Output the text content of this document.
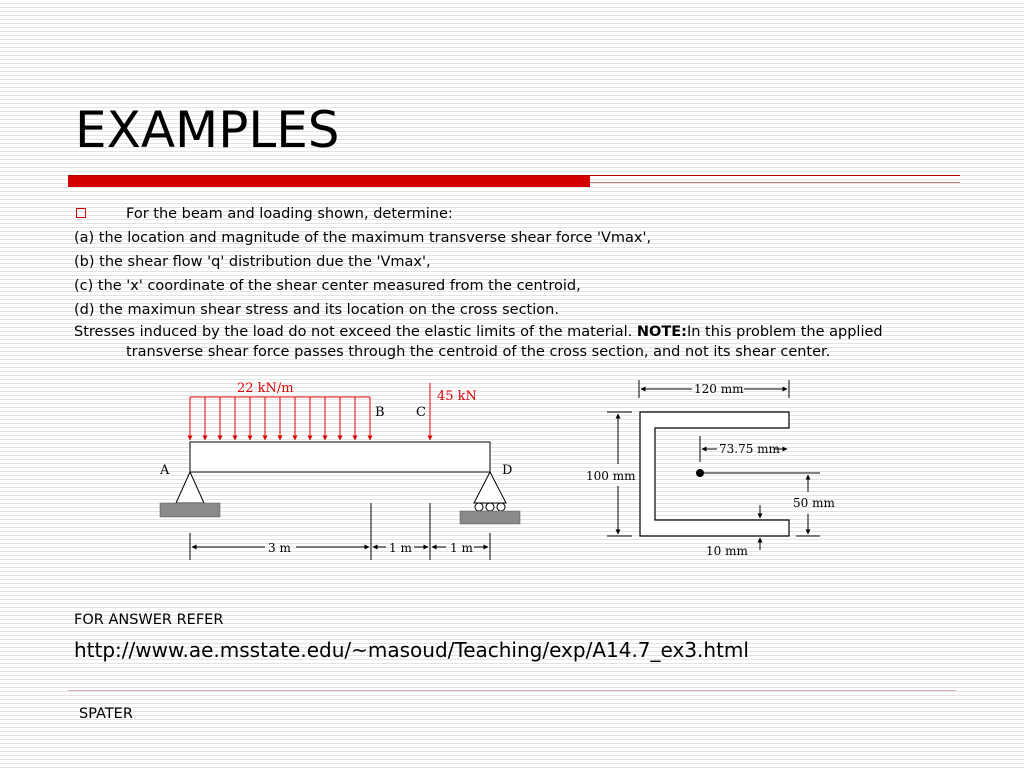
EXAMPLES

For the beam and loading shown, determine:

(a) the location and magnitude of the maximum transverse shear force 'Vmax',

(b) the shear flow 'q' distribution due the 'Vmax',

(c) the 'x' coordinate of the shear center measured from the centroid,

(d) the maximun shear stress and its location on the cross section.

Stresses induced by the load do not exceed the elastic limits of the material. NOTE:In this problem the applied transverse shear force passes through the centroid of the cross section, and not its shear center.

22 kN/m
45 kN
A
B C
D
3 m	1 m	1 m
120 mm
100 mm
73.75 mm
50 mm
10 mm
FOR ANSWER REFER
http://www.ae.msstate.edu/~masoud/Teaching/exp/A14.7_ex3.html
SPATER
